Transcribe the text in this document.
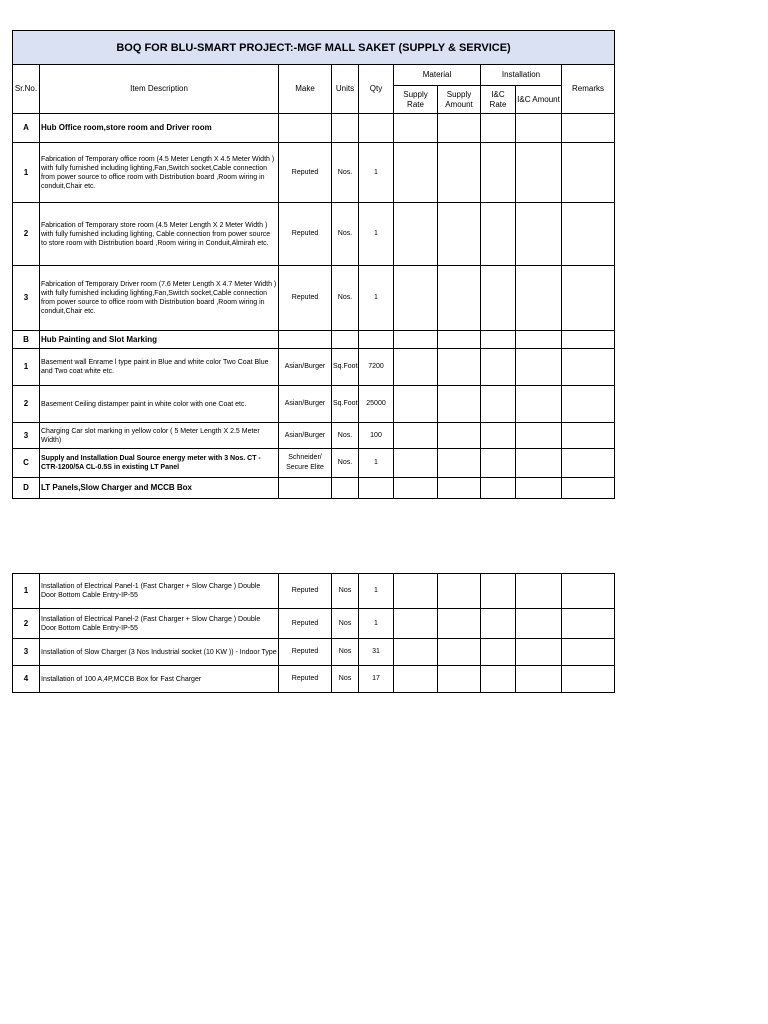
BOQ FOR BLU-SMART PROJECT:-MGF MALL SAKET (SUPPLY & SERVICE)									
Sr.No.	Item Description	Make	Units	Qty	Material		Installation		Remarks
					Supply Rate	Supply Amount	I&C Rate	I&C Amount	
A	Hub Office room,store room and Driver room								
1	Fabrication of Temporary office room (4.5 Meter Length X 4.5 Meter Width ) with fully furnished including lighting,Fan,Switch socket,Cable connection from power source to office room with Distribution board ,Room wiring in conduit,Chair etc.	Reputed	Nos.	1					
2	Fabrication of Temporary store room (4.5 Meter Length X 2 Meter Width ) with fully furnished including lighting, Cable connection from power source to store room with Distribution board ,Room wiring in Conduit,Almirah etc.	Reputed	Nos.	1					
3	Fabrication of Temporary Driver room (7.6 Meter Length X 4.7 Meter Width ) with fully furnished including lighting,Fan,Switch socket,Cable connection from power source to office room with Distribution board ,Room wiring in conduit,Chair etc.	Reputed	Nos.	1					
B	Hub Painting and Slot Marking								
1	Basement wall Enrame l type paint in Blue and white color Two Coat Blue and Two coat white etc.	Asian/Burger	Sq.Foot	7200					
2	Basement Ceiling distamper paint in white color with one Coat etc.	Asian/Burger	Sq.Foot	25000					
3	Charging Car slot marking in yellow color ( 5 Meter Length X 2.5 Meter Width)	Asian/Burger	Nos.	100					
C	Supply and Installation Dual Source energy meter with 3 Nos. CT - CTR-1200/5A CL-0.5S in existing LT Panel	Schneider/ Secure Elite	Nos.	1					
D	LT Panels,Slow Charger and MCCB Box								
1	Installation of Electrical Panel-1 (Fast Charger + Slow Charge ) Double Door Bottom Cable Entry-IP-55	Reputed	Nos	1					
2	Installation of Electrical Panel-2 (Fast Charger + Slow Charge ) Double Door Bottom Cable Entry-IP-55	Reputed	Nos	1					
3	Installation of Slow Charger (3 Nos Industrial socket (10 KW )) - Indoor Type	Reputed	Nos	31					
4	Installation of 100 A,4P,MCCB Box for Fast Charger	Reputed	Nos	17					
